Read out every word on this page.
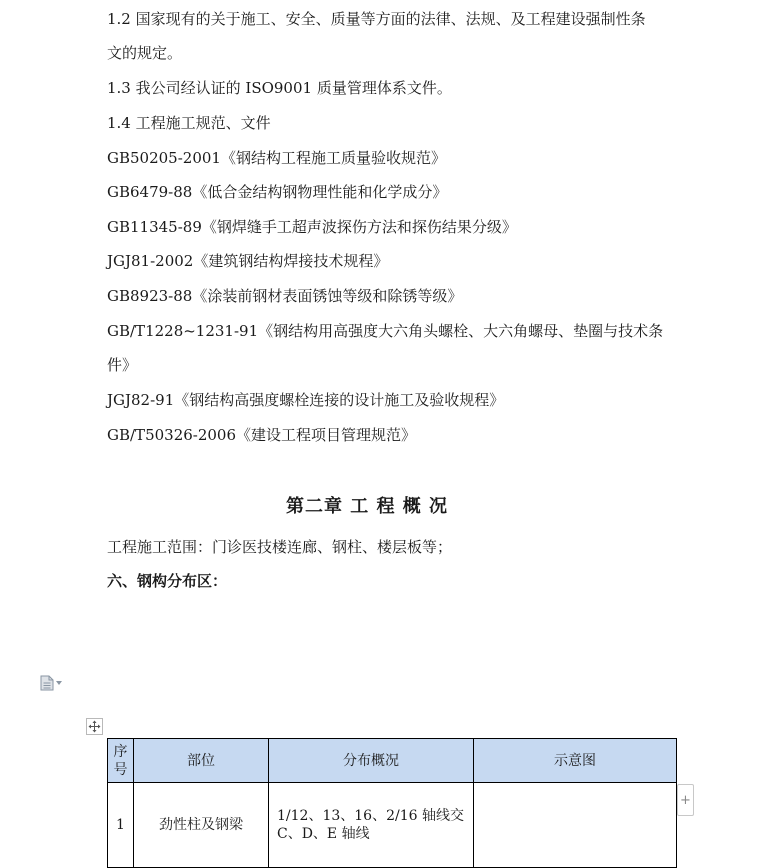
1.2 国家现有的关于施工、安全、质量等方面的法律、法规、及工程建设强制性条
文的规定。
1.3 我公司经认证的 ISO9001 质量管理体系文件。
1.4 工程施工规范、文件
GB50205-2001《钢结构工程施工质量验收规范》
GB6479-88《低合金结构钢物理性能和化学成分》
GB11345-89《钢焊缝手工超声波探伤方法和探伤结果分级》
JGJ81-2002《建筑钢结构焊接技术规程》
GB8923-88《涂装前钢材表面锈蚀等级和除锈等级》
GB/T1228~1231-91《钢结构用高强度大六角头螺栓、大六角螺母、垫圈与技术条
件》
JGJ82-91《钢结构高强度螺栓连接的设计施工及验收规程》
GB/T50326-2006《建设工程项目管理规范》
第二章 工 程 概 况
工程施工范围：门诊医技楼连廊、钢柱、楼层板等；
六、钢构分布区：
序号	部位	分布概况	示意图
1	劲性柱及钢梁	1/12、13、16、2/16 轴线交 C、D、E 轴线	
+
